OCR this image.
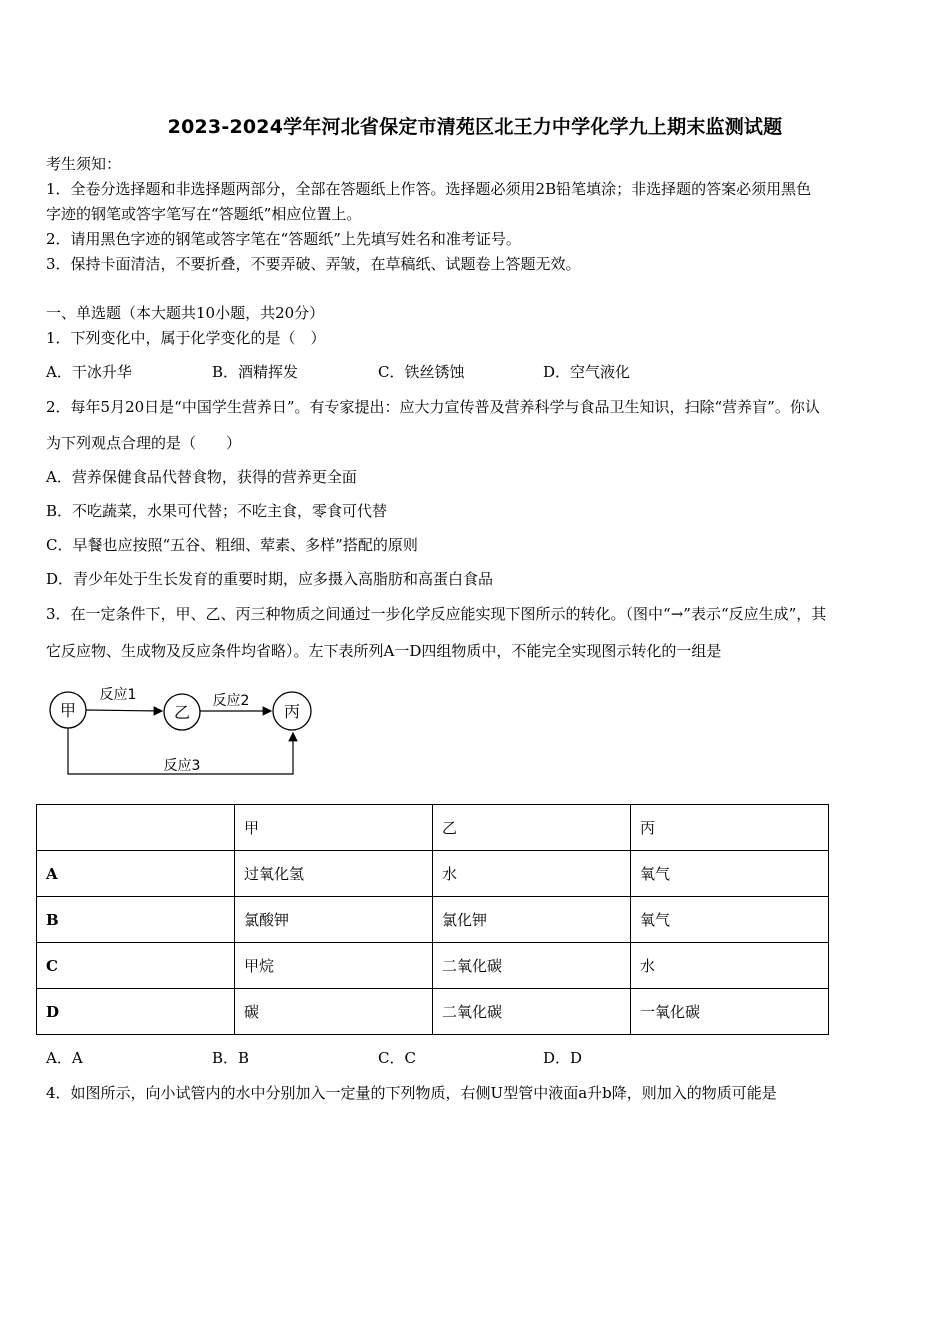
2023-2024学年河北省保定市清苑区北王力中学化学九上期末监测试题
考生须知：
1．全卷分选择题和非选择题两部分，全部在答题纸上作答。选择题必须用2B铅笔填涂；非选择题的答案必须用黑色
字迹的钢笔或答字笔写在“答题纸”相应位置上。
2．请用黑色字迹的钢笔或答字笔在“答题纸”上先填写姓名和准考证号。
3．保持卡面清洁，不要折叠，不要弄破、弄皱，在草稿纸、试题卷上答题无效。
一、单选题（本大题共10小题，共20分）
1．下列变化中，属于化学变化的是（　）
A．干冰升华	B．酒精挥发	C．铁丝锈蚀	D．空气液化
2．每年5月20日是“中国学生营养日”。有专家提出：应大力宣传普及营养科学与食品卫生知识，扫除“营养盲”。你认
为下列观点合理的是（　　）
A．营养保健食品代替食物，获得的营养更全面
B．不吃蔬菜，水果可代替；不吃主食，零食可代替
C．早餐也应按照“五谷、粗细、荤素、多样”搭配的原则
D．青少年处于生长发育的重要时期，应多摄入高脂肪和高蛋白食品
3．在一定条件下，甲、乙、丙三种物质之间通过一步化学反应能实现下图所示的转化。（图中“→”表示“反应生成”，其
它反应物、生成物及反应条件均省略）。左下表所列A一D四组物质中，不能完全实现图示转化的一组是
甲	乙	丙
反应1	反应2
反应3
	甲	乙	丙
A	过氧化氢	水	氧气
B	氯酸钾	氯化钾	氧气
C	甲烷	二氧化碳	水
D	碳	二氧化碳	一氧化碳
A．A	B．B	C．C	D．D
4．如图所示，向小试管内的水中分别加入一定量的下列物质，右侧U型管中液面a升b降，则加入的物质可能是
